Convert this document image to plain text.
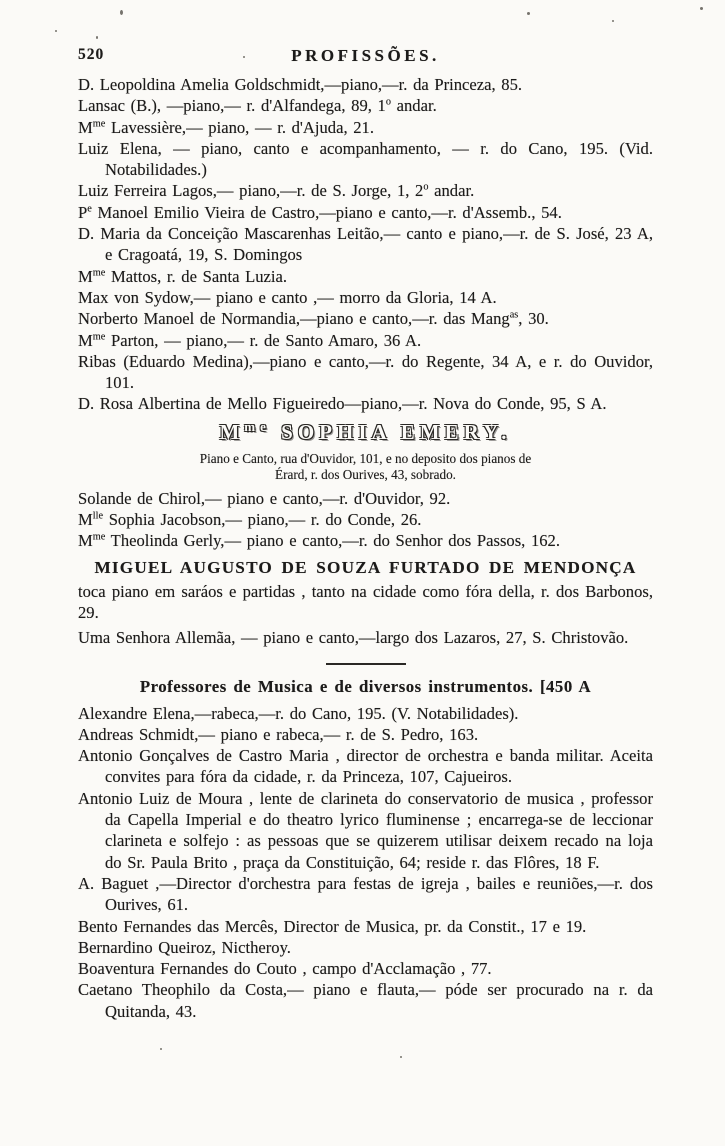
520	PROFISSÕES.

D. Leopoldina Amelia Goldschmidt,—piano,—r. da Princeza, 85.

Lansac (B.), —piano,— r. d'Alfandega, 89, 1$^o$ andar.

$M^{me}$ Lavessière,— piano, — r. d'Ajuda, 21.

Luiz Elena, — piano, canto e acompanhamento, — r. do Cano, 195. (Vid. Notabilidades.)

Luiz Ferreira Lagos,— piano,—r. de S. Jorge, 1, 2$^o$ andar.

$P^e$ Manoel Emilio Vieira de Castro,—piano e canto,—r. d'Assemb., 54.

D. Maria da Conceição Mascarenhas Leitão,— canto e piano,—r. de S. José, 23 A, e Cragoatá, 19, S. Domingos

$M^{me}$ Mattos, r. de Santa Luzia.

Max von Sydow,— piano e canto ,— morro da Gloria, 14 A.

Norberto Manoel de Normandia,—piano e canto,—r. das Mang$^{as}$, 30.

$M^{me}$ Parton, — piano,— r. de Santo Amaro, 36 A.

Ribas (Eduardo Medina),—piano e canto,—r. do Regente, 34 A, e r. do Ouvidor, 101.

D. Rosa Albertina de Mello Figueiredo—piano,—r. Nova do Conde, 95, S A.

$M^{me}$ SOPHIA EMERY.

Piano e Canto, rua d'Ouvidor, 101, e no deposito dos pianos de

Érard, r. dos Ourives, 43, sobrado.

Solande de Chirol,— piano e canto,—r. d'Ouvidor, 92.

$M^{lle}$ Sophia Jacobson,— piano,— r. do Conde, 26.

$M^{me}$ Theolinda Gerly,— piano e canto,—r. do Senhor dos Passos, 162.

MIGUEL AUGUSTO DE SOUZA FURTADO DE MENDONÇA

toca piano em saráos e partidas , tanto na cidade como fóra della, r. dos Barbonos, 29.

Uma Senhora Allemãa, — piano e canto,—largo dos Lazaros, 27, S. Christovão.

Professores de Musica e de diversos instrumentos. [450 A

Alexandre Elena,—rabeca,—r. do Cano, 195. (V. Notabilidades).

Andreas Schmidt,— piano e rabeca,— r. de S. Pedro, 163.

Antonio Gonçalves de Castro Maria , director de orchestra e banda militar. Aceita convites para fóra da cidade, r. da Princeza, 107, Cajueiros.

Antonio Luiz de Moura , lente de clarineta do conservatorio de musica , professor da Capella Imperial e do theatro lyrico fluminense ; encarrega-se de leccionar clarineta e solfejo : as pessoas que se quizerem utilisar deixem recado na loja do Sr. Paula Brito , praça da Constituição, 64; reside r. das Flôres, 18 F.

A. Baguet ,—Director d'orchestra para festas de igreja , bailes e reuniões,—r. dos Ourives, 61.

Bento Fernandes das Mercês, Director de Musica, pr. da Constit., 17 e 19.

Bernardino Queiroz, Nictheroy.

Boaventura Fernandes do Couto , campo d'Acclamação , 77.

Caetano Theophilo da Costa,— piano e flauta,— póde ser procurado na r. da Quitanda, 43.
